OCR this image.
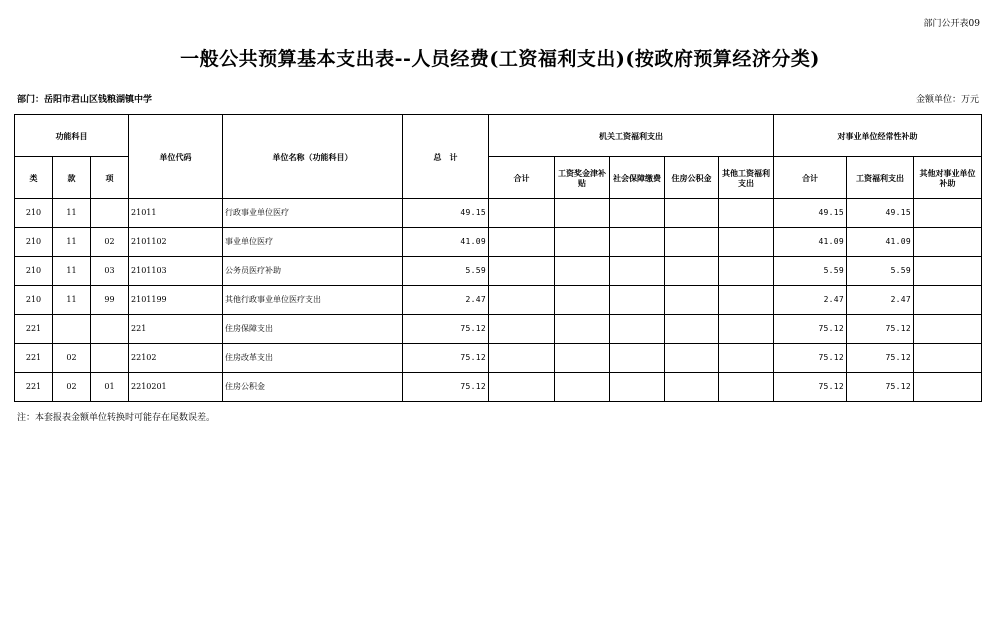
部门公开表09
一般公共预算基本支出表--人员经费(工资福利支出)(按政府预算经济分类)
部门：岳阳市君山区钱粮湖镇中学	金额单位：万元
功能科目			单位代码	单位名称（功能科目）	总　计	机关工资福利支出					对事业单位经常性补助		
类	款	项				合计	工资奖金津补贴	社会保障缴费	住房公积金	其他工资福利支出	合计	工资福利支出	其他对事业单位补助
210	11		21011	行政事业单位医疗	49.15						49.15	49.15	
210	11	02	2101102	事业单位医疗	41.09						41.09	41.09	
210	11	03	2101103	公务员医疗补助	5.59						5.59	5.59	
210	11	99	2101199	其他行政事业单位医疗支出	2.47						2.47	2.47	
221			221	住房保障支出	75.12						75.12	75.12	
221	02		22102	住房改革支出	75.12						75.12	75.12	
221	02	01	2210201	住房公积金	75.12						75.12	75.12	
注：本套报表金额单位转换时可能存在尾数误差。
